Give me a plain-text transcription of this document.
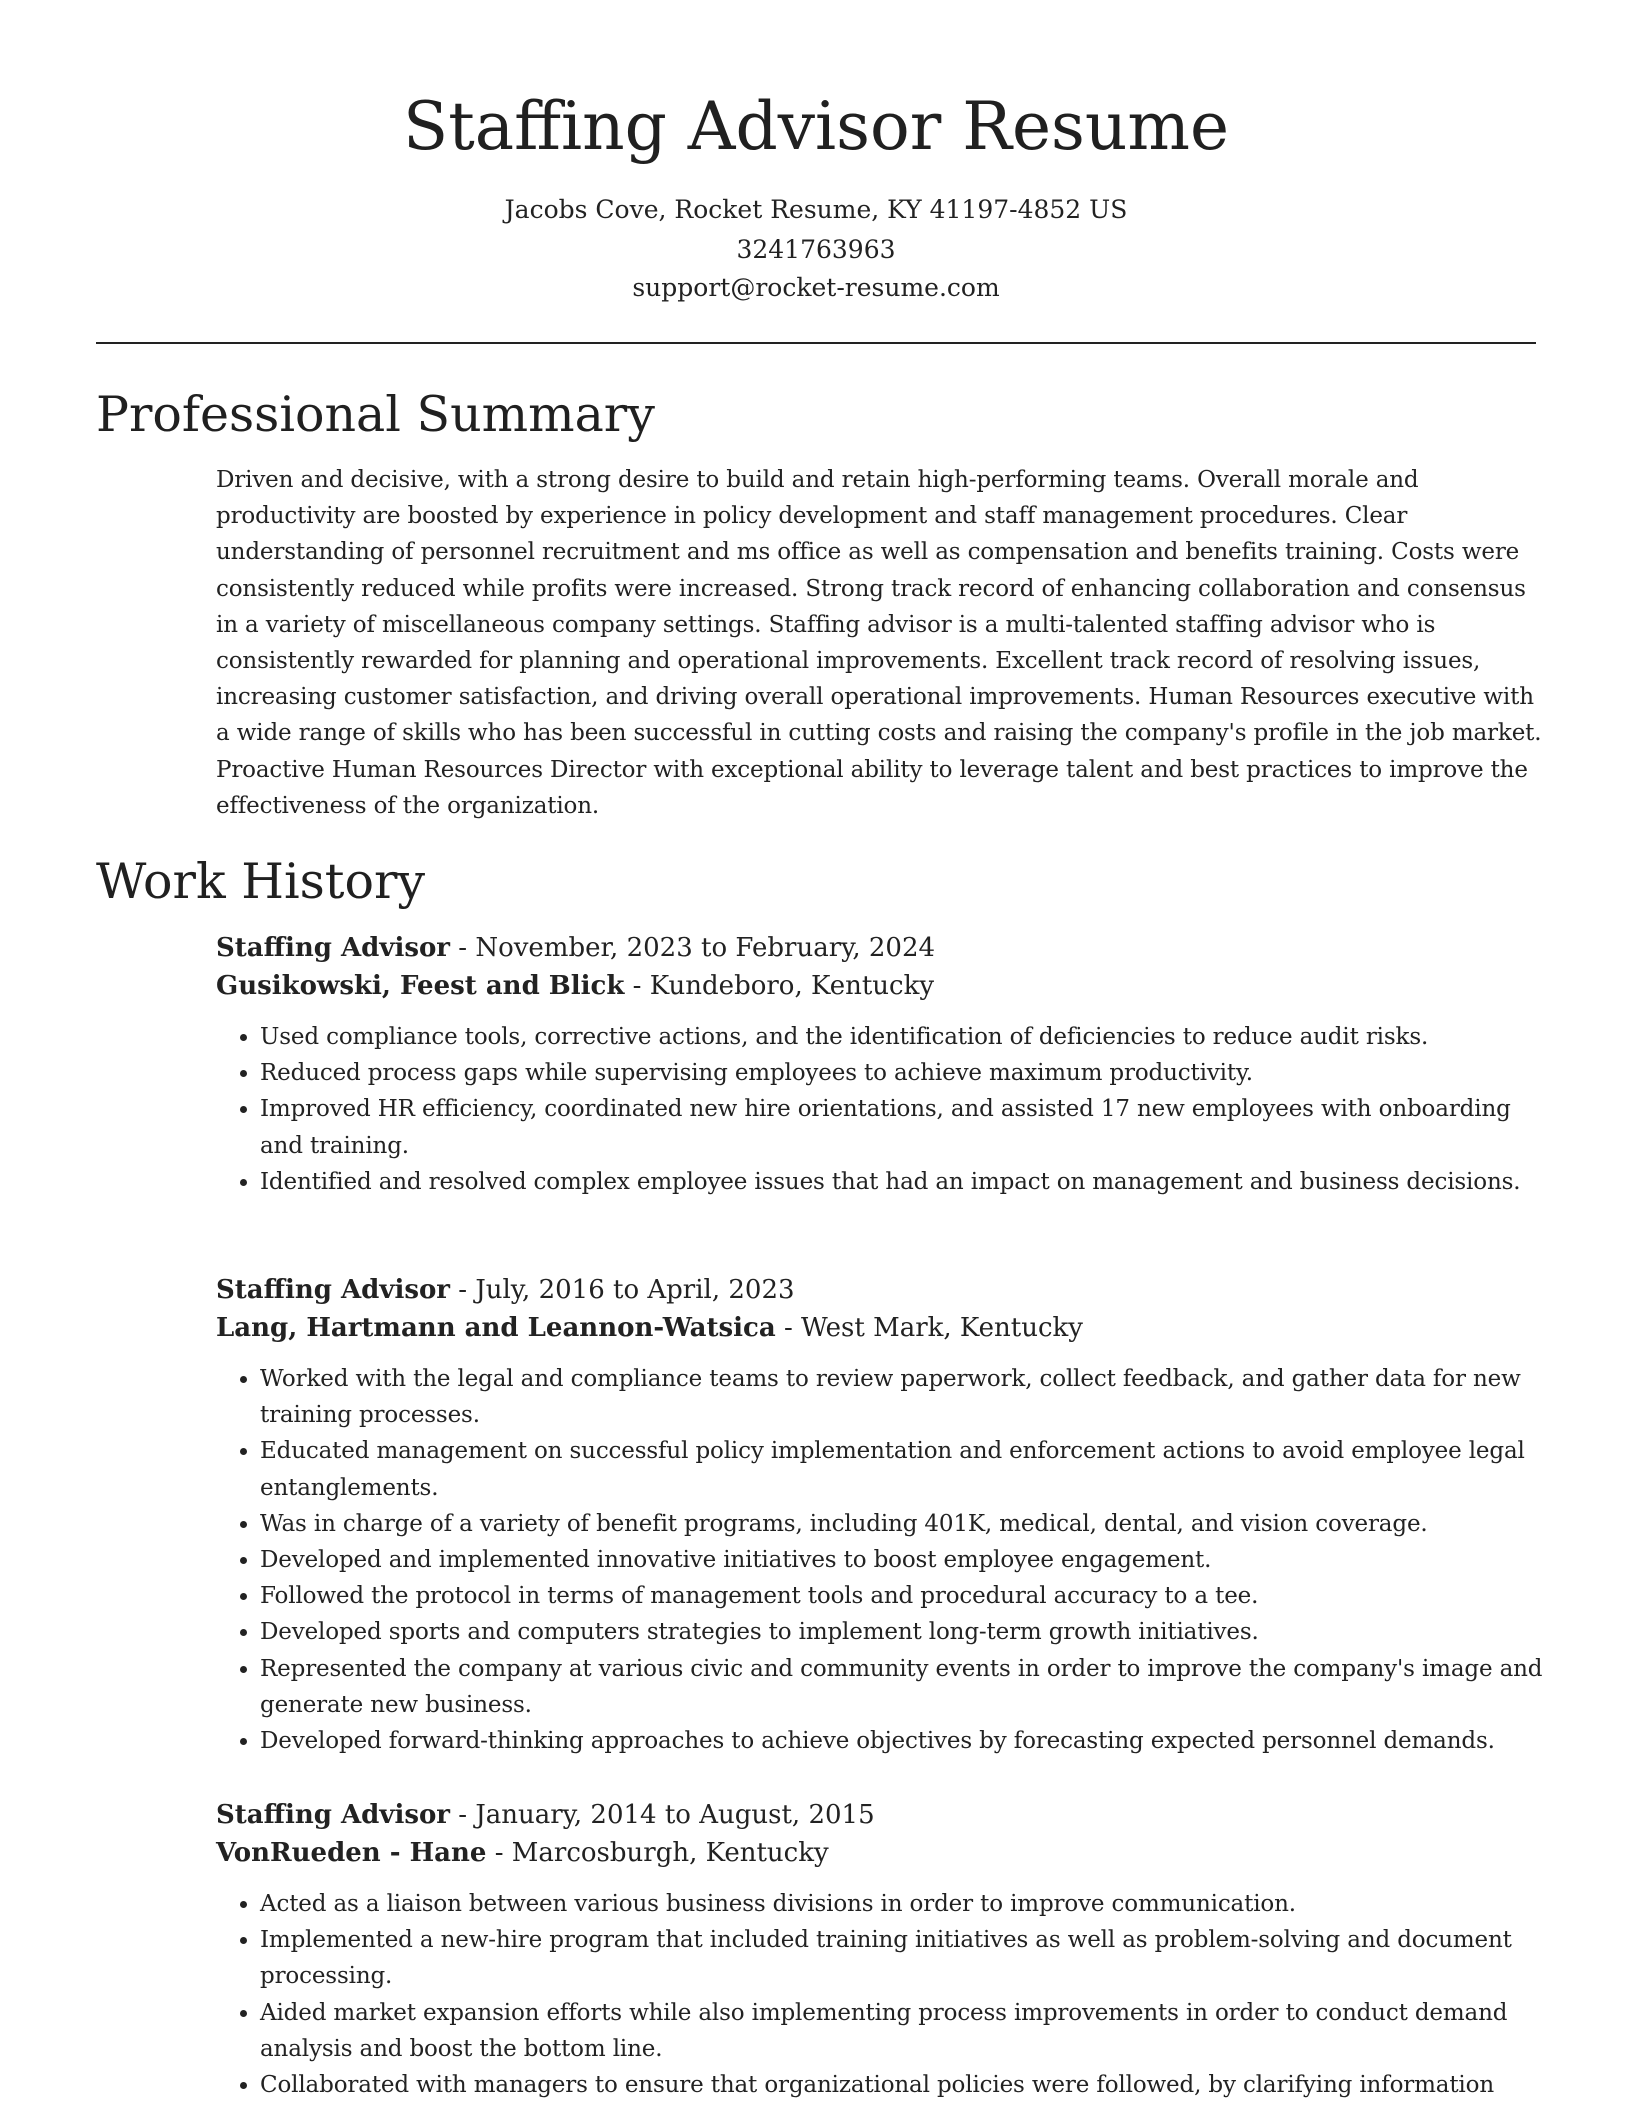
Staffing Advisor Resume
Jacobs Cove, Rocket Resume, KY 41197-4852 US
3241763963
support@rocket-resume.com
Professional Summary

Driven and decisive, with a strong desire to build and retain high-performing teams. Overall morale and productivity are boosted by experience in policy development and staff management procedures. Clear understanding of personnel recruitment and ms office as well as compensation and benefits training. Costs were consistently reduced while profits were increased. Strong track record of enhancing collaboration and consensus in a variety of miscellaneous company settings. Staffing advisor is a multi-talented staffing advisor who is consistently rewarded for planning and operational improvements. Excellent track record of resolving issues, increasing customer satisfaction, and driving overall operational improvements. Human Resources executive with a wide range of skills who has been successful in cutting costs and raising the company's profile in the job market. Proactive Human Resources Director with exceptional ability to leverage talent and best practices to improve the effectiveness of the organization.

Work History

Staffing Advisor - November, 2023 to February, 2024

Gusikowski, Feest and Blick - Kundeboro, Kentucky

• Used compliance tools, corrective actions, and the identification of deficiencies to reduce audit risks.
• Reduced process gaps while supervising employees to achieve maximum productivity.
• Improved HR efficiency, coordinated new hire orientations, and assisted 17 new employees with onboarding and training.
• Identified and resolved complex employee issues that had an impact on management and business decisions.

Staffing Advisor - July, 2016 to April, 2023

Lang, Hartmann and Leannon-Watsica - West Mark, Kentucky

• Worked with the legal and compliance teams to review paperwork, collect feedback, and gather data for new training processes.
• Educated management on successful policy implementation and enforcement actions to avoid employee legal entanglements.
• Was in charge of a variety of benefit programs, including 401K, medical, dental, and vision coverage.
• Developed and implemented innovative initiatives to boost employee engagement.
• Followed the protocol in terms of management tools and procedural accuracy to a tee.
• Developed sports and computers strategies to implement long-term growth initiatives.
• Represented the company at various civic and community events in order to improve the company's image and generate new business.
• Developed forward-thinking approaches to achieve objectives by forecasting expected personnel demands.

Staffing Advisor - January, 2014 to August, 2015

VonRueden - Hane - Marcosburgh, Kentucky

• Acted as a liaison between various business divisions in order to improve communication.
• Implemented a new-hire program that included training initiatives as well as problem-solving and document processing.
• Aided market expansion efforts while also implementing process improvements in order to conduct demand analysis and boost the bottom line.
• Collaborated with managers to ensure that organizational policies were followed, by clarifying information
